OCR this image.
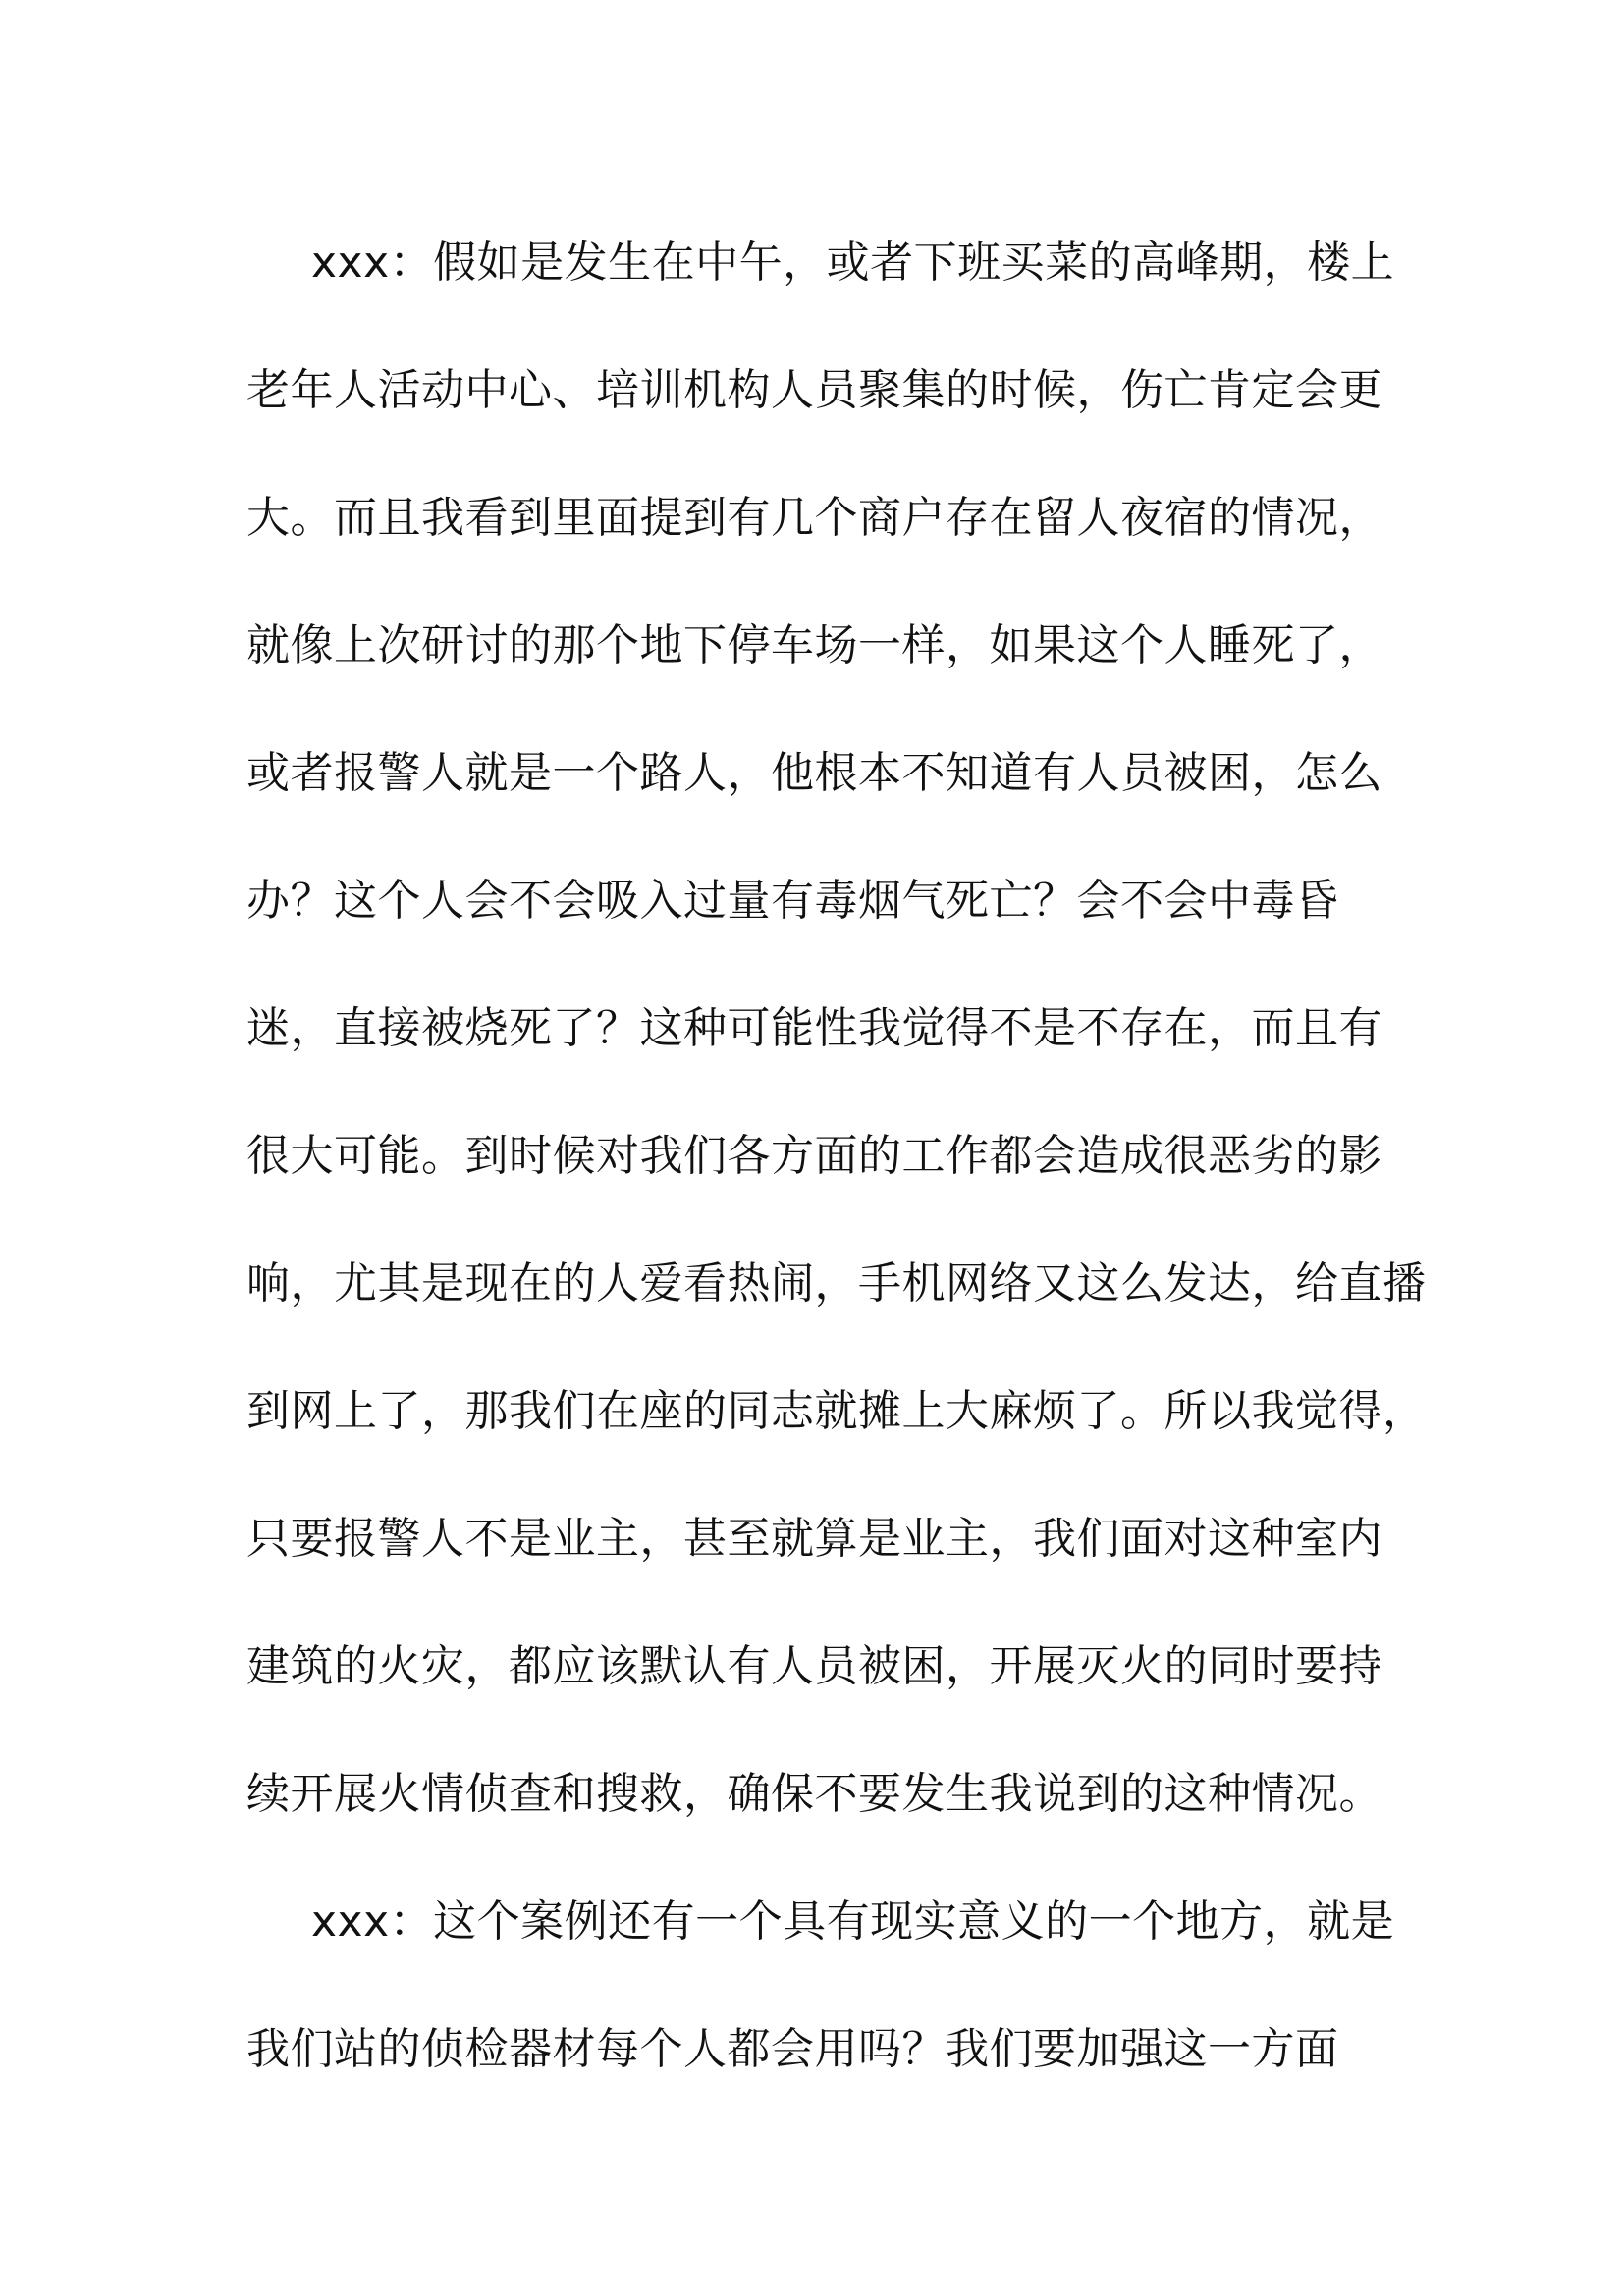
xxx：假如是发生在中午，或者下班买菜的高峰期，楼上
老年人活动中心、培训机构人员聚集的时候，伤亡肯定会更
大。而且我看到里面提到有几个商户存在留人夜宿的情况，
就像上次研讨的那个地下停车场一样，如果这个人睡死了，
或者报警人就是一个路人，他根本不知道有人员被困，怎么
办？这个人会不会吸入过量有毒烟气死亡？会不会中毒昏
迷，直接被烧死了？这种可能性我觉得不是不存在，而且有
很大可能。到时候对我们各方面的工作都会造成很恶劣的影
响，尤其是现在的人爱看热闹，手机网络又这么发达，给直播
到网上了，那我们在座的同志就摊上大麻烦了。所以我觉得，
只要报警人不是业主，甚至就算是业主，我们面对这种室内
建筑的火灾，都应该默认有人员被困，开展灭火的同时要持
续开展火情侦查和搜救，确保不要发生我说到的这种情况。
xxx：这个案例还有一个具有现实意义的一个地方，就是
我们站的侦检器材每个人都会用吗？我们要加强这一方面
